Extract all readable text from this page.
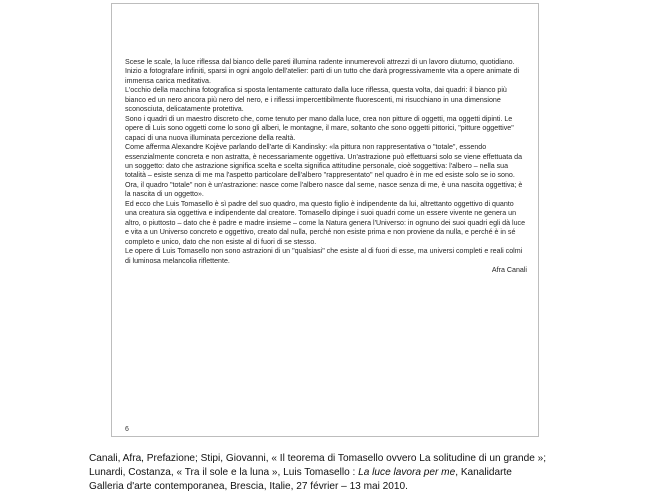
Scese le scale, la luce riflessa dal bianco delle pareti illumina radente innumerevoli attrezzi di un lavoro diuturno, quotidiano.

Inizio a fotografare infiniti, sparsi in ogni angolo dell'atelier: parti di un tutto che darà progressivamente vita a opere animate di immensa carica meditativa.

L'occhio della macchina fotografica si sposta lentamente catturato dalla luce riflessa, questa volta, dai quadri: il bianco più bianco ed un nero ancora più nero del nero, e i riflessi impercettibilmente fluorescenti, mi risucchiano in una dimensione sconosciuta, delicatamente protettiva.

Sono i quadri di un maestro discreto che, come tenuto per mano dalla luce, crea non pitture di oggetti, ma oggetti dipinti. Le opere di Luis sono oggetti come lo sono gli alberi, le montagne, il mare, soltanto che sono oggetti pittorici, "pitture oggettive" capaci di una nuova illuminata percezione della realtà.

Come afferma Alexandre Kojève parlando dell'arte di Kandinsky: «la pittura non rappresentativa o "totale", essendo essenzialmente concreta e non astratta, è necessariamente oggettiva. Un'astrazione può effettuarsi solo se viene effettuata da un soggetto: dato che astrazione significa scelta e scelta significa attitudine personale, cioè soggettiva: l'albero – nella sua totalità – esiste senza di me ma l'aspetto particolare dell'albero "rappresentato" nel quadro è in me ed esiste solo se io sono. Ora, il quadro "totale" non è un'astrazione: nasce come l'albero nasce dal seme, nasce senza di me, è una nascita oggettiva; è la nascita di un oggetto».

Ed ecco che Luis Tomasello è sì padre del suo quadro, ma questo figlio è indipendente da lui, altrettanto oggettivo di quanto una creatura sia oggettiva e indipendente dal creatore. Tomasello dipinge i suoi quadri come un essere vivente ne genera un altro, o piuttosto – dato che è padre e madre insieme – come la Natura genera l'Universo: in ognuno dei suoi quadri egli dà luce e vita a un Universo concreto e oggettivo, creato dal nulla, perché non esiste prima e non proviene da nulla, e perché è in sé completo e unico, dato che non esiste al di fuori di se stesso.

Le opere di Luis Tomasello non sono astrazioni di un "qualsiasi" che esiste al di fuori di esse, ma universi completi e reali colmi di luminosa melancolia riflettente.

Afra Canali

6

Canali, Afra, Prefazione; Stipi, Giovanni, « Il teorema di Tomasello ovvero La solitudine di un grande »;

Lunardi, Costanza, « Tra il sole e la luna », Luis Tomasello : La luce lavora per me, Kanalidarte

Galleria d'arte contemporanea, Brescia, Italie, 27 février – 13 mai 2010.
